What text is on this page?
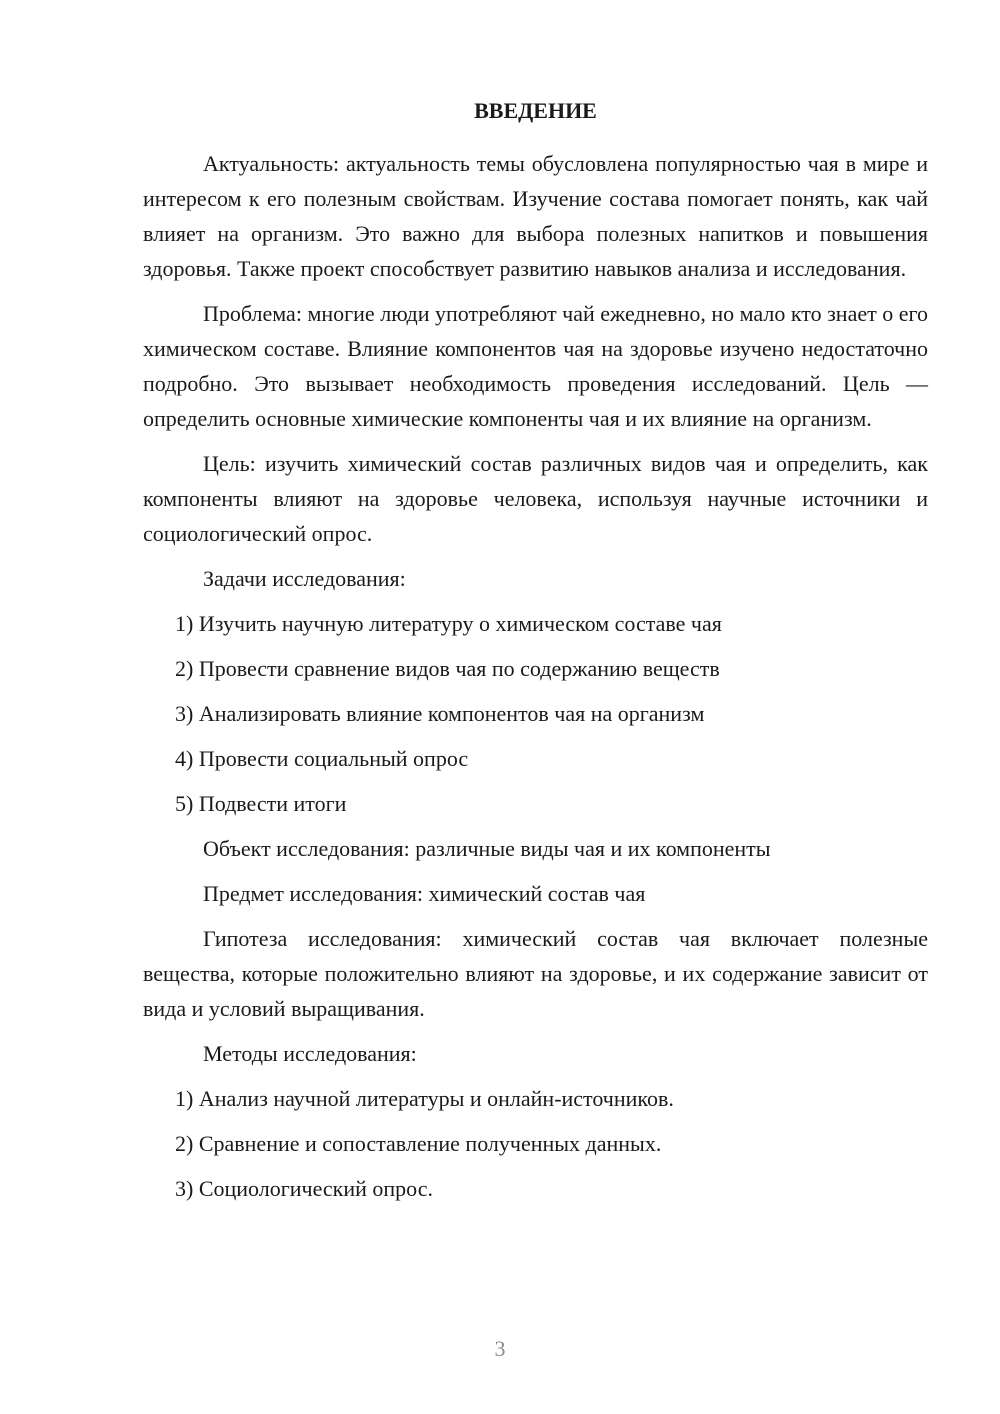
ВВЕДЕНИЕ

Актуальность: актуальность темы обусловлена популярностью чая в мире и интересом к его полезным свойствам. Изучение состава помогает понять, как чай влияет на организм. Это важно для выбора полезных напитков и повышения здоровья. Также проект способствует развитию навыков анализа и исследования.

Проблема: многие люди употребляют чай ежедневно, но мало кто знает о его химическом составе. Влияние компонентов чая на здоровье изучено недостаточно подробно. Это вызывает необходимость проведения исследований. Цель — определить основные химические компоненты чая и их влияние на организм.

Цель: изучить химический состав различных видов чая и определить, как компоненты влияют на здоровье человека, используя научные источники и социологический опрос.

Задачи исследования:
1) Изучить научную литературу о химическом составе чая
2) Провести сравнение видов чая по содержанию веществ
3) Анализировать влияние компонентов чая на организм
4) Провести социальный опрос
5) Подвести итоги
Объект исследования: различные виды чая и их компоненты
Предмет исследования: химический состав чая

Гипотеза исследования: химический состав чая включает полезные вещества, которые положительно влияют на здоровье, и их содержание зависит от вида и условий выращивания.

Методы исследования:
1) Анализ научной литературы и онлайн-источников.
2) Сравнение и сопоставление полученных данных.
3) Социологический опрос.
3
